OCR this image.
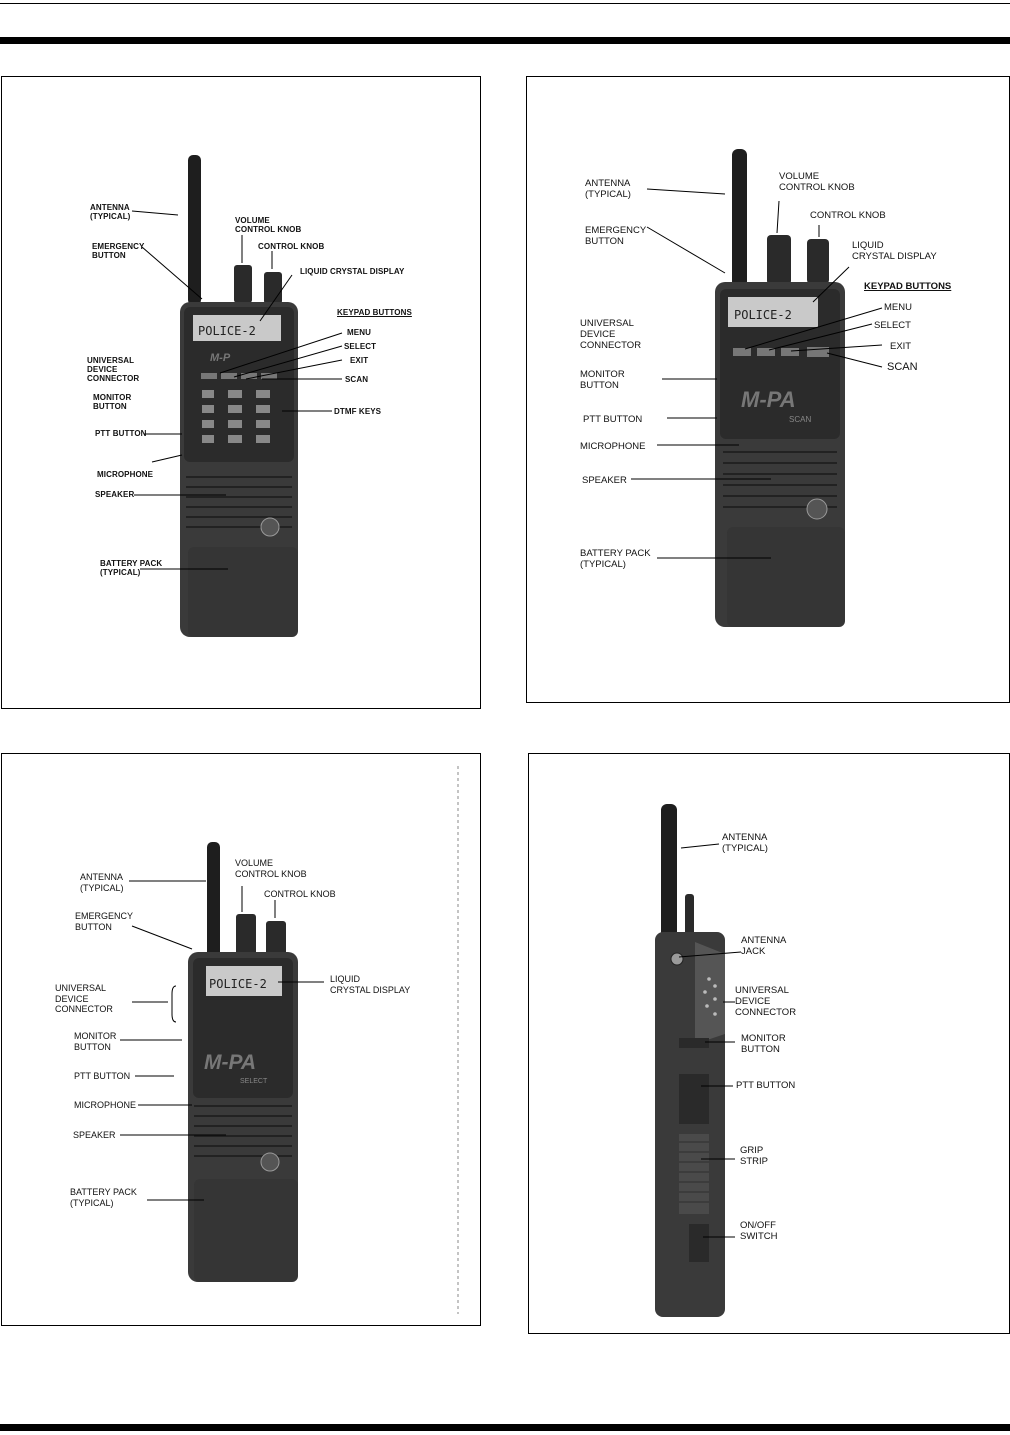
POLICE-2
M-P
ANTENNA
(TYPICAL)
EMERGENCY
BUTTON
VOLUME
CONTROL KNOB
CONTROL KNOB
LIQUID CRYSTAL DISPLAY
KEYPAD BUTTONS
MENU
SELECT
EXIT
SCAN
UNIVERSAL
DEVICE
CONNECTOR
MONITOR
BUTTON
PTT BUTTON
DTMF KEYS
MICROPHONE
SPEAKER
BATTERY PACK
(TYPICAL)
POLICE-2
M-PA
SCAN
ANTENNA
(TYPICAL)
EMERGENCY
BUTTON
VOLUME
CONTROL KNOB
CONTROL KNOB
LIQUID
CRYSTAL DISPLAY
KEYPAD BUTTONS
MENU
SELECT
EXIT
SCAN
UNIVERSAL
DEVICE
CONNECTOR
MONITOR
BUTTON
PTT BUTTON
MICROPHONE
SPEAKER
BATTERY PACK
(TYPICAL)
POLICE-2
M-PA
SELECT
ANTENNA
(TYPICAL)
EMERGENCY
BUTTON
VOLUME
CONTROL KNOB
CONTROL KNOB
UNIVERSAL
DEVICE
CONNECTOR
LIQUID
CRYSTAL DISPLAY
MONITOR
BUTTON
PTT BUTTON
MICROPHONE
SPEAKER
BATTERY PACK
(TYPICAL)
ANTENNA
(TYPICAL)
ANTENNA
JACK
UNIVERSAL
DEVICE
CONNECTOR
MONITOR
BUTTON
PTT BUTTON
GRIP
STRIP
ON/OFF
SWITCH
